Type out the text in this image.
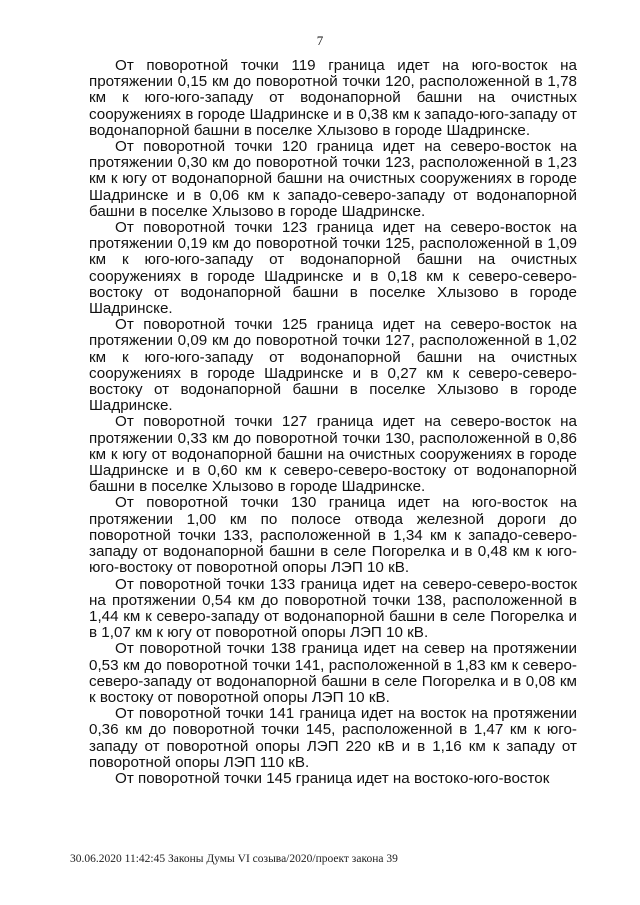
7

От поворотной точки 119 граница идет на юго-восток на протяжении 0,15 км до поворотной точки 120, расположенной в 1,78 км к юго-юго-западу от водонапорной башни на очистных сооружениях в городе Шадринске и в 0,38 км к западо-юго-западу от водонапорной башни в поселке Хлызово в городе Шадринске.

От поворотной точки 120 граница идет на северо-восток на протяжении 0,30 км до поворотной точки 123, расположенной в 1,23 км к югу от водонапорной башни на очистных сооружениях в городе Шадринске и в 0,06 км к западо-северо-западу от водонапорной башни в поселке Хлызово в городе Шадринске.

От поворотной точки 123 граница идет на северо-восток на протяжении 0,19 км до поворотной точки 125, расположенной в 1,09 км к юго-юго-западу от водонапорной башни на очистных сооружениях в городе Шадринске и в 0,18 км к северо-северо-востоку от водонапорной башни в поселке Хлызово в городе Шадринске.

От поворотной точки 125 граница идет на северо-восток на протяжении 0,09 км до поворотной точки 127, расположенной в 1,02 км к юго-юго-западу от водонапорной башни на очистных сооружениях в городе Шадринске и в 0,27 км к северо-северо-востоку от водонапорной башни в поселке Хлызово в городе Шадринске.

От поворотной точки 127 граница идет на северо-восток на протяжении 0,33 км до поворотной точки 130, расположенной в 0,86 км к югу от водонапорной башни на очистных сооружениях в городе Шадринске и в 0,60 км к северо-северо-востоку от водонапорной башни в поселке Хлызово в городе Шадринске.

От поворотной точки 130 граница идет на юго-восток на протяжении 1,00 км по полосе отвода железной дороги до поворотной точки 133, расположенной в 1,34 км к западо-северо-западу от водонапорной башни в селе Погорелка и в 0,48 км к юго-юго-востоку от поворотной опоры ЛЭП 10 кВ.

От поворотной точки 133 граница идет на северо-северо-восток на протяжении 0,54 км до поворотной точки 138, расположенной в 1,44 км к северо-западу от водонапорной башни в селе Погорелка и в 1,07 км к югу от поворотной опоры ЛЭП 10 кВ.

От поворотной точки 138 граница идет на север на протяжении 0,53 км до поворотной точки 141, расположенной в 1,83 км к северо-северо-западу от водонапорной башни в селе Погорелка и в 0,08 км к востоку от поворотной опоры ЛЭП 10 кВ.

От поворотной точки 141 граница идет на восток на протяжении 0,36 км до поворотной точки 145, расположенной в 1,47 км к юго-западу от поворотной опоры ЛЭП 220 кВ и в 1,16 км к западу от поворотной опоры ЛЭП 110 кВ.

От поворотной точки 145 граница идет на востоко-юго-восток

30.06.2020 11:42:45 Законы Думы VI созыва/2020/проект закона 39
